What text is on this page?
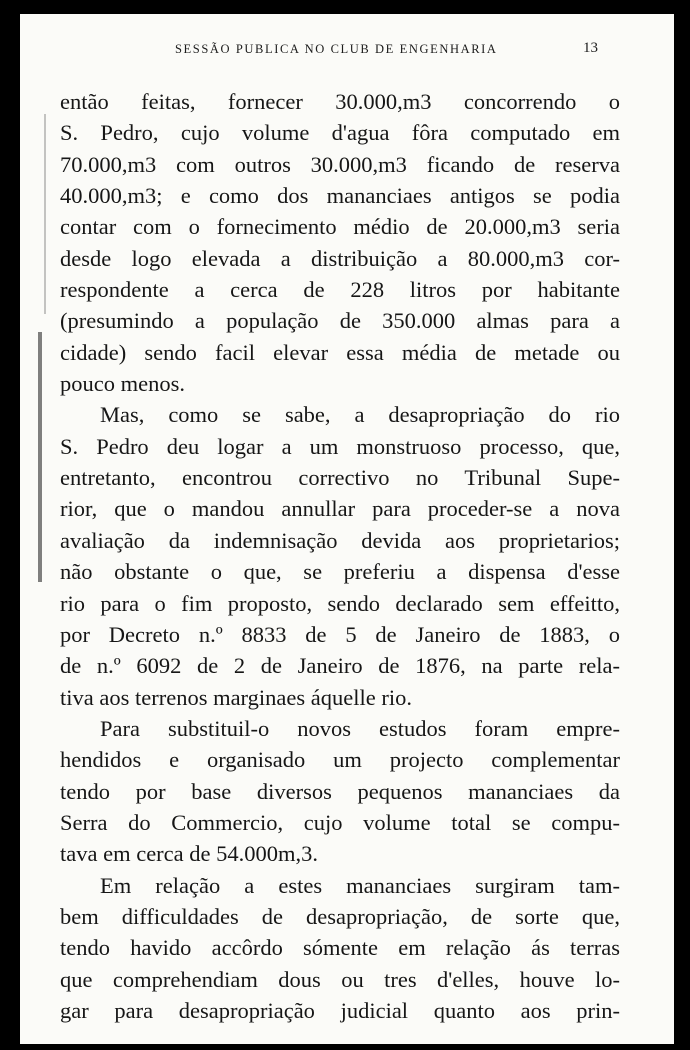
SESSÃO PUBLICA NO CLUB DE ENGENHARIA	13
então feitas, fornecer 30.000,m3 concorrendo o
S. Pedro, cujo volume d'agua fôra computado em
70.000,m3 com outros 30.000,m3 ficando de reserva
40.000,m3; e como dos mananciaes antigos se podia
contar com o fornecimento médio de 20.000,m3 seria
desde logo elevada a distribuição a 80.000,m3 cor-
respondente a cerca de 228 litros por habitante
(presumindo a população de 350.000 almas para a
cidade) sendo facil elevar essa média de metade ou
pouco menos.
Mas, como se sabe, a desapropriação do rio
S. Pedro deu logar a um monstruoso processo, que,
entretanto, encontrou correctivo no Tribunal Supe-
rior, que o mandou annullar para proceder-se a nova
avaliação da indemnisação devida aos proprietarios;
não obstante o que, se preferiu a dispensa d'esse
rio para o fim proposto, sendo declarado sem effeitto,
por Decreto n.º 8833 de 5 de Janeiro de 1883, o
de n.º 6092 de 2 de Janeiro de 1876, na parte rela-
tiva aos terrenos marginaes áquelle rio.
Para substituil-o novos estudos foram empre-
hendidos e organisado um projecto complementar
tendo por base diversos pequenos mananciaes da
Serra do Commercio, cujo volume total se compu-
tava em cerca de 54.000m,3.
Em relação a estes mananciaes surgiram tam-
bem difficuldades de desapropriação, de sorte que,
tendo havido accôrdo sómente em relação ás terras
que comprehendiam dous ou tres d'elles, houve lo-
gar para desapropriação judicial quanto aos prin-
